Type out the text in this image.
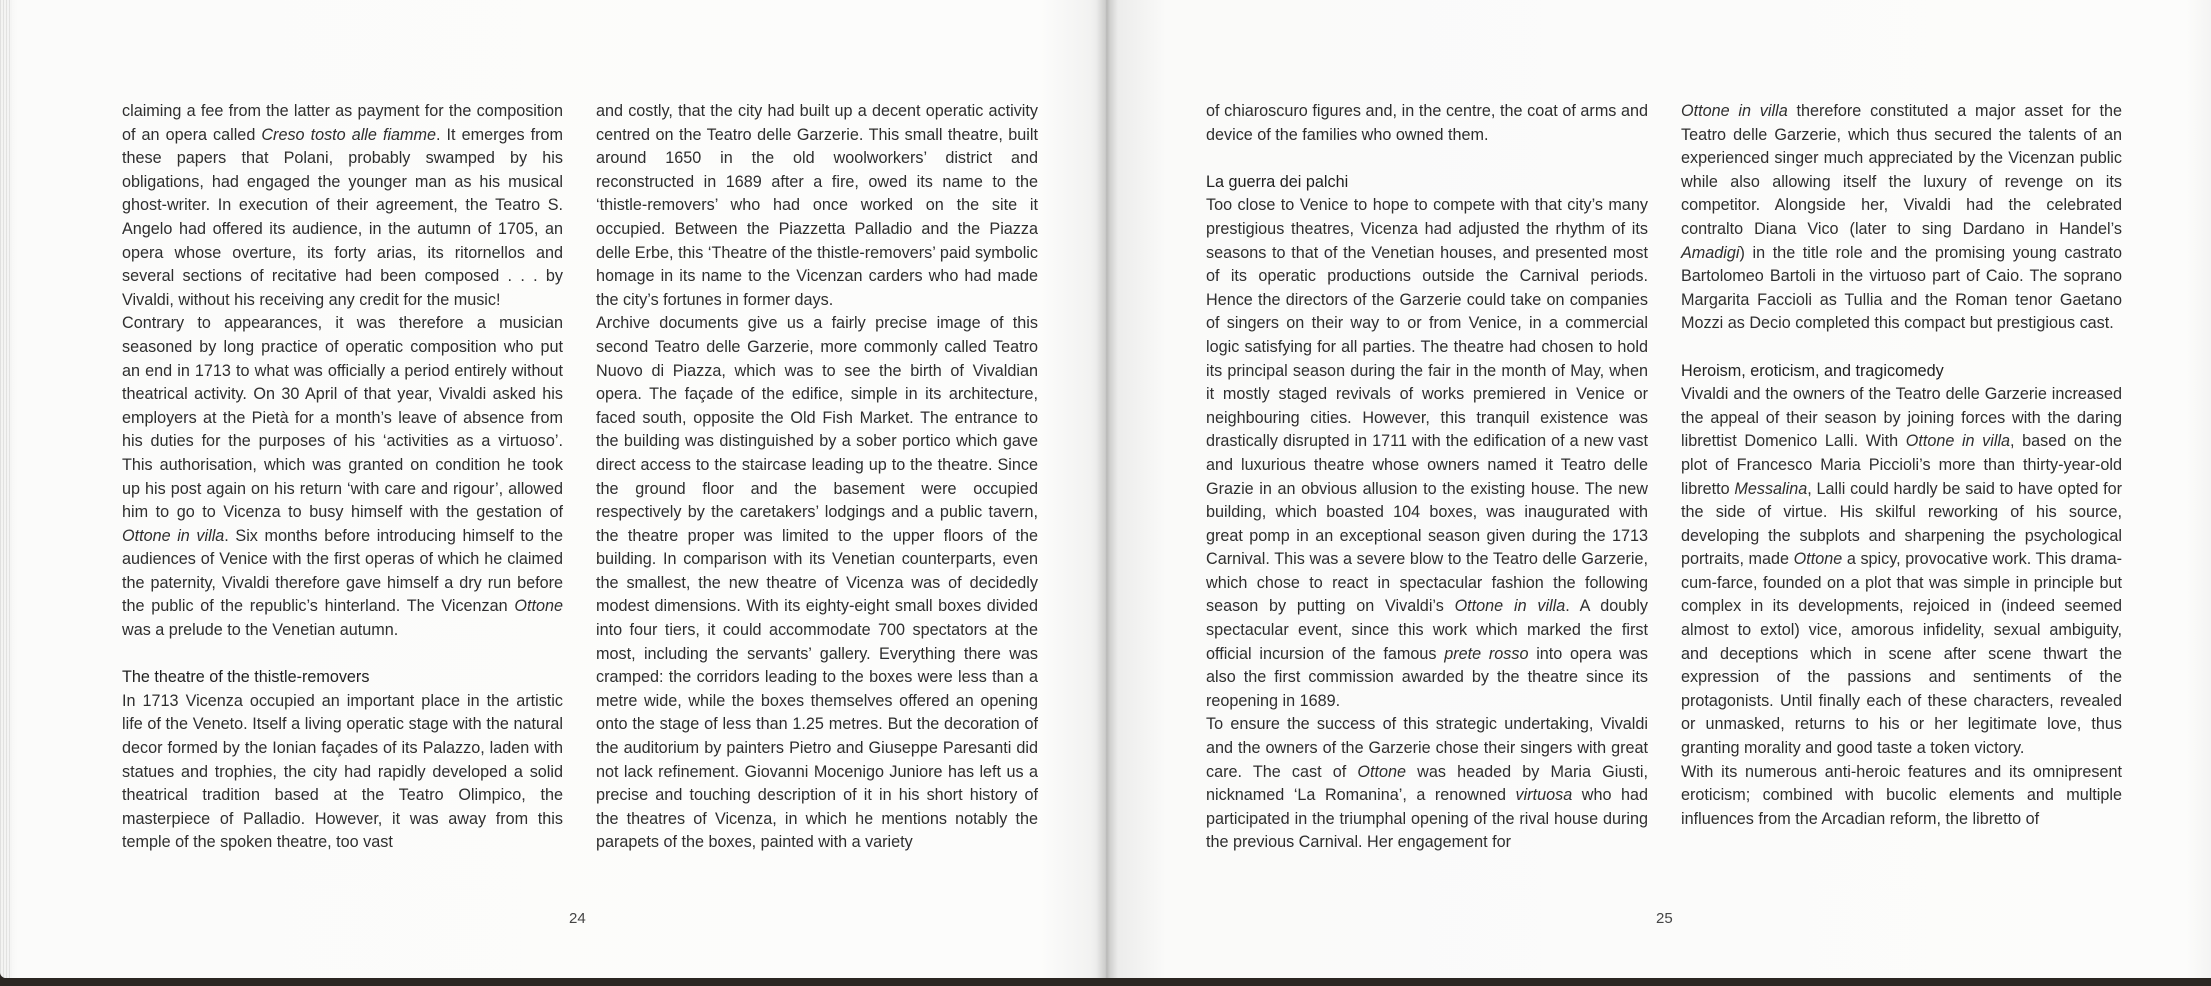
claiming a fee from the latter as payment for the composition of an opera called Creso tosto alle fiamme. It emerges from these papers that Polani, probably swamped by his obligations, had engaged the younger man as his musical ghost-writer. In execution of their agreement, the Teatro S. Angelo had offered its audience, in the autumn of 1705, an opera whose overture, its forty arias, its ritornellos and several sections of recitative had been composed . . . by Vivaldi, without his receiving any credit for the music!

Contrary to appearances, it was therefore a musician seasoned by long practice of operatic composition who put an end in 1713 to what was officially a period entirely without theatrical activity. On 30 April of that year, Vivaldi asked his employers at the Pietà for a month’s leave of absence from his duties for the purposes of his ‘activities as a virtuoso’. This authorisation, which was granted on condition he took up his post again on his return ‘with care and rigour’, allowed him to go to Vicenza to busy himself with the gestation of Ottone in villa. Six months before introducing himself to the audiences of Venice with the first operas of which he claimed the paternity, Vivaldi therefore gave himself a dry run before the public of the republic’s hinterland. The Vicenzan Ottone was a prelude to the Venetian autumn.

The theatre of the thistle-removers

In 1713 Vicenza occupied an important place in the artistic life of the Veneto. Itself a living operatic stage with the natural decor formed by the Ionian façades of its Palazzo, laden with statues and trophies, the city had rapidly developed a solid theatrical tradition based at the Teatro Olimpico, the masterpiece of Palladio. However, it was away from this temple of the spoken theatre, too vast

and costly, that the city had built up a decent operatic activity centred on the Teatro delle Garzerie. This small theatre, built around 1650 in the old woolworkers’ district and reconstructed in 1689 after a fire, owed its name to the ‘thistle-removers’ who had once worked on the site it occupied. Between the Piazzetta Palladio and the Piazza delle Erbe, this ‘Theatre of the thistle-removers’ paid symbolic homage in its name to the Vicenzan carders who had made the city’s fortunes in former days.

Archive documents give us a fairly precise image of this second Teatro delle Garzerie, more commonly called Teatro Nuovo di Piazza, which was to see the birth of Vivaldian opera. The façade of the edifice, simple in its architecture, faced south, opposite the Old Fish Market. The entrance to the building was distinguished by a sober portico which gave direct access to the staircase leading up to the theatre. Since the ground floor and the basement were occupied respectively by the caretakers’ lodgings and a public tavern, the theatre proper was limited to the upper floors of the building. In comparison with its Venetian counterparts, even the smallest, the new theatre of Vicenza was of decidedly modest dimensions. With its eighty-eight small boxes divided into four tiers, it could accommodate 700 spectators at the most, including the servants’ gallery. Everything there was cramped: the corridors leading to the boxes were less than a metre wide, while the boxes themselves offered an opening onto the stage of less than 1.25 metres. But the decoration of the auditorium by painters Pietro and Giuseppe Paresanti did not lack refinement. Giovanni Mocenigo Juniore has left us a precise and touching description of it in his short history of the theatres of Vicenza, in which he mentions notably the parapets of the boxes, painted with a variety

24

of chiaroscuro figures and, in the centre, the coat of arms and device of the families who owned them.

La guerra dei palchi

Too close to Venice to hope to compete with that city’s many prestigious theatres, Vicenza had adjusted the rhythm of its seasons to that of the Venetian houses, and presented most of its operatic productions outside the Carnival periods. Hence the directors of the Garzerie could take on companies of singers on their way to or from Venice, in a commercial logic satisfying for all parties. The theatre had chosen to hold its principal season during the fair in the month of May, when it mostly staged revivals of works premiered in Venice or neighbouring cities. However, this tranquil existence was drastically disrupted in 1711 with the edification of a new vast and luxurious theatre whose owners named it Teatro delle Grazie in an obvious allusion to the existing house. The new building, which boasted 104 boxes, was inaugurated with great pomp in an exceptional season given during the 1713 Carnival. This was a severe blow to the Teatro delle Garzerie, which chose to react in spectacular fashion the following season by putting on Vivaldi’s Ottone in villa. A doubly spectacular event, since this work which marked the first official incursion of the famous prete rosso into opera was also the first commission awarded by the theatre since its reopening in 1689.

To ensure the success of this strategic undertaking, Vivaldi and the owners of the Garzerie chose their singers with great care. The cast of Ottone was headed by Maria Giusti, nicknamed ‘La Romanina’, a renowned virtuosa who had participated in the triumphal opening of the rival house during the previous Carnival. Her engagement for

Ottone in villa therefore constituted a major asset for the Teatro delle Garzerie, which thus secured the talents of an experienced singer much appreciated by the Vicenzan public while also allowing itself the luxury of revenge on its competitor. Alongside her, Vivaldi had the celebrated contralto Diana Vico (later to sing Dardano in Handel’s Amadigi) in the title role and the promising young castrato Bartolomeo Bartoli in the virtuoso part of Caio. The soprano Margarita Faccioli as Tullia and the Roman tenor Gaetano Mozzi as Decio completed this compact but prestigious cast.

Heroism, eroticism, and tragicomedy

Vivaldi and the owners of the Teatro delle Garzerie increased the appeal of their season by joining forces with the daring librettist Domenico Lalli. With Ottone in villa, based on the plot of Francesco Maria Piccioli’s more than thirty-year-old libretto Messalina, Lalli could hardly be said to have opted for the side of virtue. His skilful reworking of his source, developing the subplots and sharpening the psychological portraits, made Ottone a spicy, provocative work. This drama-cum-farce, founded on a plot that was simple in principle but complex in its developments, rejoiced in (indeed seemed almost to extol) vice, amorous infidelity, sexual ambiguity, and deceptions which in scene after scene thwart the expression of the passions and sentiments of the protagonists. Until finally each of these characters, revealed or unmasked, returns to his or her legitimate love, thus granting morality and good taste a token victory.

With its numerous anti-heroic features and its omnipresent eroticism; combined with bucolic elements and multiple influences from the Arcadian reform, the libretto of

25
